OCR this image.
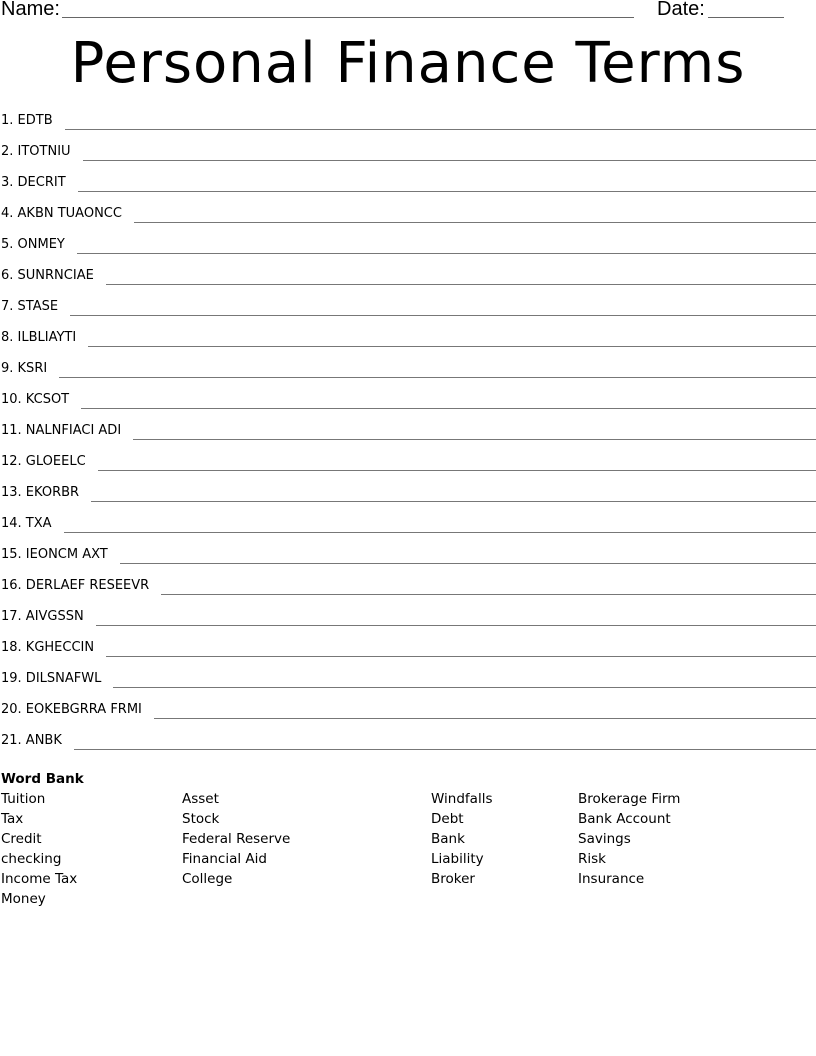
Name:	Date:
Personal Finance Terms
1. EDTB
2. ITOTNIU
3. DECRIT
4. AKBN TUAONCC
5. ONMEY
6. SUNRNCIAE
7. STASE
8. ILBLIAYTI
9. KSRI
10. KCSOT
11. NALNFIACI ADI
12. GLOEELC
13. EKORBR
14. TXA
15. IEONCM AXT
16. DERLAEF RESEEVR
17. AIVGSSN
18. KGHECCIN
19. DILSNAFWL
20. EOKEBGRRA FRMI
21. ANBK
Word Bank
Tuition
Tax
Credit
checking
Income Tax
Money
Asset
Stock
Federal Reserve
Financial Aid
College
Windfalls
Debt
Bank
Liability
Broker
Brokerage Firm
Bank Account
Savings
Risk
Insurance
